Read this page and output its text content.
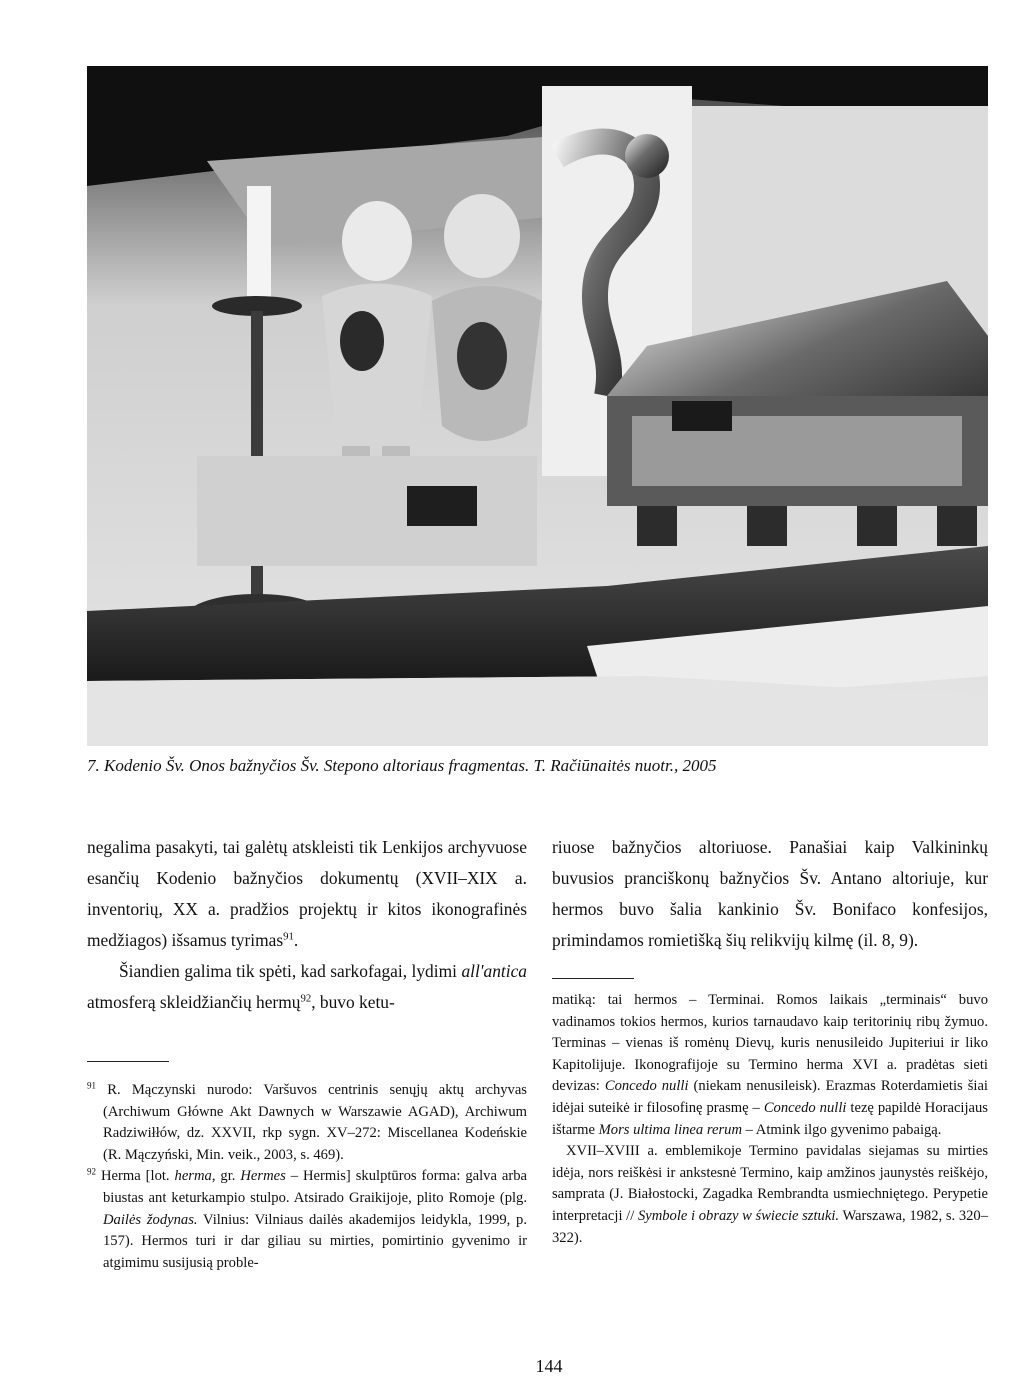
7. Kodenio Šv. Onos bažnyčios Šv. Stepono altoriaus fragmentas. T. Račiūnaitės nuotr., 2005

negalima pasakyti, tai galėtų atskleisti tik Lenkijos archyvuose esančių Kodenio bažnyčios dokumentų (XVII–XIX a. inventorių, XX a. pradžios projektų ir kitos ikonografinės medžiagos) išsamus tyrimas$^{91}$.

Šiandien galima tik spėti, kad sarkofagai, lydimi all'antica atmosferą skleidžiančių hermų$^{92}$, buvo ketu-

riuose bažnyčios altoriuose. Panašiai kaip Valkininkų buvusios pranciškonų bažnyčios Šv. Antano altoriuje, kur hermos buvo šalia kankinio Šv. Bonifaco konfesijos, primindamos romietišką šių relikvijų kilmę (il. 8, 9).

$^{91}$ R. Mączynski nurodo: Varšuvos centrinis senųjų aktų archyvas (Archiwum Główne Akt Dawnych w Warszawie AGAD), Archiwum Radziwiłłów, dz. XXVII, rkp sygn. XV–272: Miscellanea Kodeńskie (R. Mączyński, Min. veik., 2003, s. 469).

$^{92}$ Herma [lot. herma, gr. Hermes – Hermis] skulptūros forma: galva arba biustas ant keturkampio stulpo. Atsirado Graikijoje, plito Romoje (plg. Dailės žodynas. Vilnius: Vilniaus dailės akademijos leidykla, 1999, p. 157). Hermos turi ir dar giliau su mirties, pomirtinio gyvenimo ir atgimimu susijusią proble-

matiką: tai hermos – Terminai. Romos laikais „terminais“ buvo vadinamos tokios hermos, kurios tarnaudavo kaip teritorinių ribų žymuo. Terminas – vienas iš romėnų Dievų, kuris nenusileido Jupiteriui ir liko Kapitolijuje. Ikonografijoje su Termino herma XVI a. pradėtas sieti devizas: Concedo nulli (niekam nenusileisk). Erazmas Roterdamietis šiai idėjai suteikė ir filosofinę prasmę – Concedo nulli tezę papildė Horacijaus ištarme Mors ultima linea rerum – Atmink ilgo gyvenimo pabaigą.

XVII–XVIII a. emblemikoje Termino pavidalas siejamas su mirties idėja, nors reiškėsi ir ankstesnė Termino, kaip amžinos jaunystės reiškėjo, samprata (J. Białostocki, Zagadka Rembrandta usmiechniętego. Perypetie interpretacji // Symbole i obrazy w świecie sztuki. Warszawa, 1982, s. 320–322).

144
